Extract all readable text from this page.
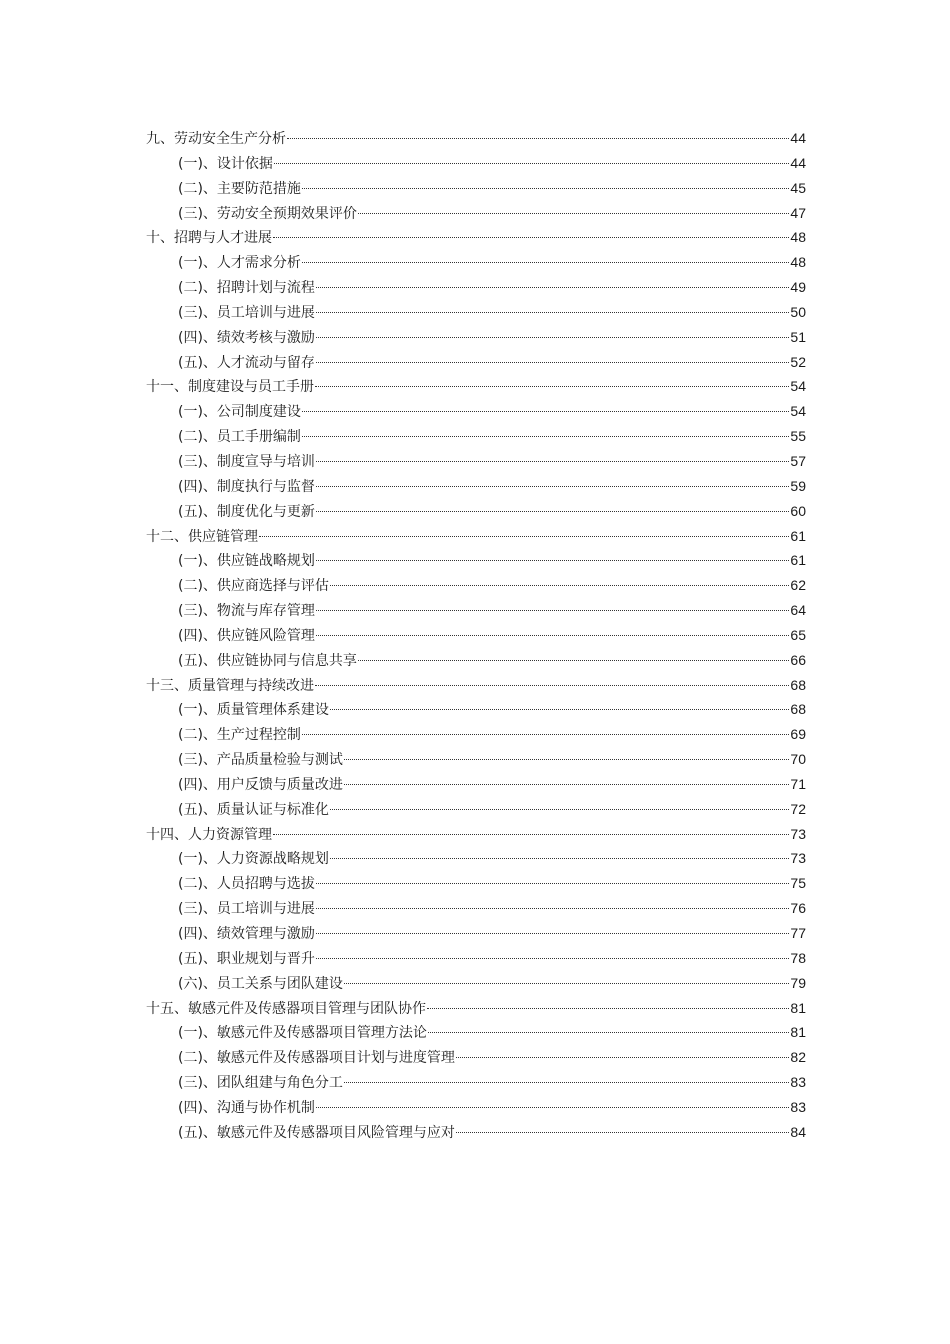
九、劳动安全生产分析	44
(一)、设计依据	44
(二)、主要防范措施	45
(三)、劳动安全预期效果评价	47
十、招聘与人才进展	48
(一)、人才需求分析	48
(二)、招聘计划与流程	49
(三)、员工培训与进展	50
(四)、绩效考核与激励	51
(五)、人才流动与留存	52
十一、制度建设与员工手册	54
(一)、公司制度建设	54
(二)、员工手册编制	55
(三)、制度宣导与培训	57
(四)、制度执行与监督	59
(五)、制度优化与更新	60
十二、供应链管理	61
(一)、供应链战略规划	61
(二)、供应商选择与评估	62
(三)、物流与库存管理	64
(四)、供应链风险管理	65
(五)、供应链协同与信息共享	66
十三、质量管理与持续改进	68
(一)、质量管理体系建设	68
(二)、生产过程控制	69
(三)、产品质量检验与测试	70
(四)、用户反馈与质量改进	71
(五)、质量认证与标准化	72
十四、人力资源管理	73
(一)、人力资源战略规划	73
(二)、人员招聘与选拔	75
(三)、员工培训与进展	76
(四)、绩效管理与激励	77
(五)、职业规划与晋升	78
(六)、员工关系与团队建设	79
十五、敏感元件及传感器项目管理与团队协作	81
(一)、敏感元件及传感器项目管理方法论	81
(二)、敏感元件及传感器项目计划与进度管理	82
(三)、团队组建与角色分工	83
(四)、沟通与协作机制	83
(五)、敏感元件及传感器项目风险管理与应对	84
